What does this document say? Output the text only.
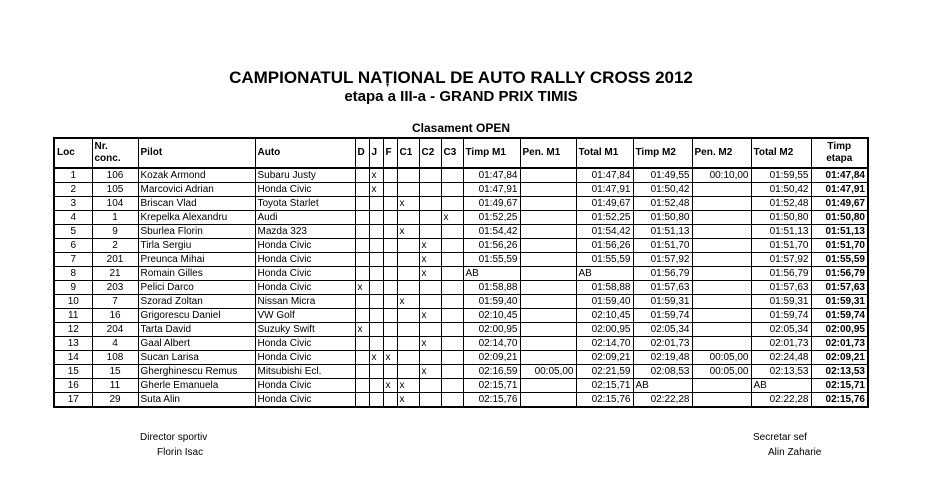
CAMPIONATUL NAȚIONAL DE AUTO RALLY CROSS 2012
etapa a III-a - GRAND PRIX TIMIS
Clasament OPEN
Loc	Nr. conc.	Pilot	Auto	D	J	F	C1	C2	C3	Timp M1	Pen. M1	Total M1	Timp M2	Pen. M2	Total M2	Timp etapa
1	106	Kozak Armond	Subaru Justy		x					01:47,84		01:47,84	01:49,55	00:10,00	01:59,55	01:47,84
2	105	Marcovici Adrian	Honda Civic		x					01:47,91		01:47,91	01:50,42		01:50,42	01:47,91
3	104	Briscan Vlad	Toyota Starlet				x			01:49,67		01:49,67	01:52,48		01:52,48	01:49,67
4	1	Krepelka Alexandru	Audi						x	01:52,25		01:52,25	01:50,80		01:50,80	01:50,80
5	9	Sburlea Florin	Mazda 323				x			01:54,42		01:54,42	01:51,13		01:51,13	01:51,13
6	2	Tirla Sergiu	Honda Civic					x		01:56,26		01:56,26	01:51,70		01:51,70	01:51,70
7	201	Preunca Mihai	Honda Civic					x		01:55,59		01:55,59	01:57,92		01:57,92	01:55,59
8	21	Romain Gilles	Honda Civic					x		AB		AB	01:56,79		01:56,79	01:56,79
9	203	Pelici Darco	Honda Civic	x						01:58,88		01:58,88	01:57,63		01:57,63	01:57,63
10	7	Szorad Zoltan	Nissan Micra				x			01:59,40		01:59,40	01:59,31		01:59,31	01:59,31
11	16	Grigorescu Daniel	VW Golf					x		02:10,45		02:10,45	01:59,74		01:59,74	01:59,74
12	204	Tarta David	Suzuky Swift	x						02:00,95		02:00,95	02:05,34		02:05,34	02:00,95
13	4	Gaal Albert	Honda Civic					x		02:14,70		02:14,70	02:01,73		02:01,73	02:01,73
14	108	Sucan Larisa	Honda Civic		x	x				02:09,21		02:09,21	02:19,48	00:05,00	02:24,48	02:09,21
15	15	Gherghinescu Remus	Mitsubishi Ecl.					x		02:16,59	00:05,00	02:21,59	02:08,53	00:05,00	02:13,53	02:13,53
16	11	Gherle Emanuela	Honda Civic			x	x			02:15,71		02:15,71	AB		AB	02:15,71
17	29	Suta Alin	Honda Civic				x			02:15,76		02:15,76	02:22,28		02:22,28	02:15,76
Director sportiv
Florin Isac
Secretar sef
Alin Zaharie
